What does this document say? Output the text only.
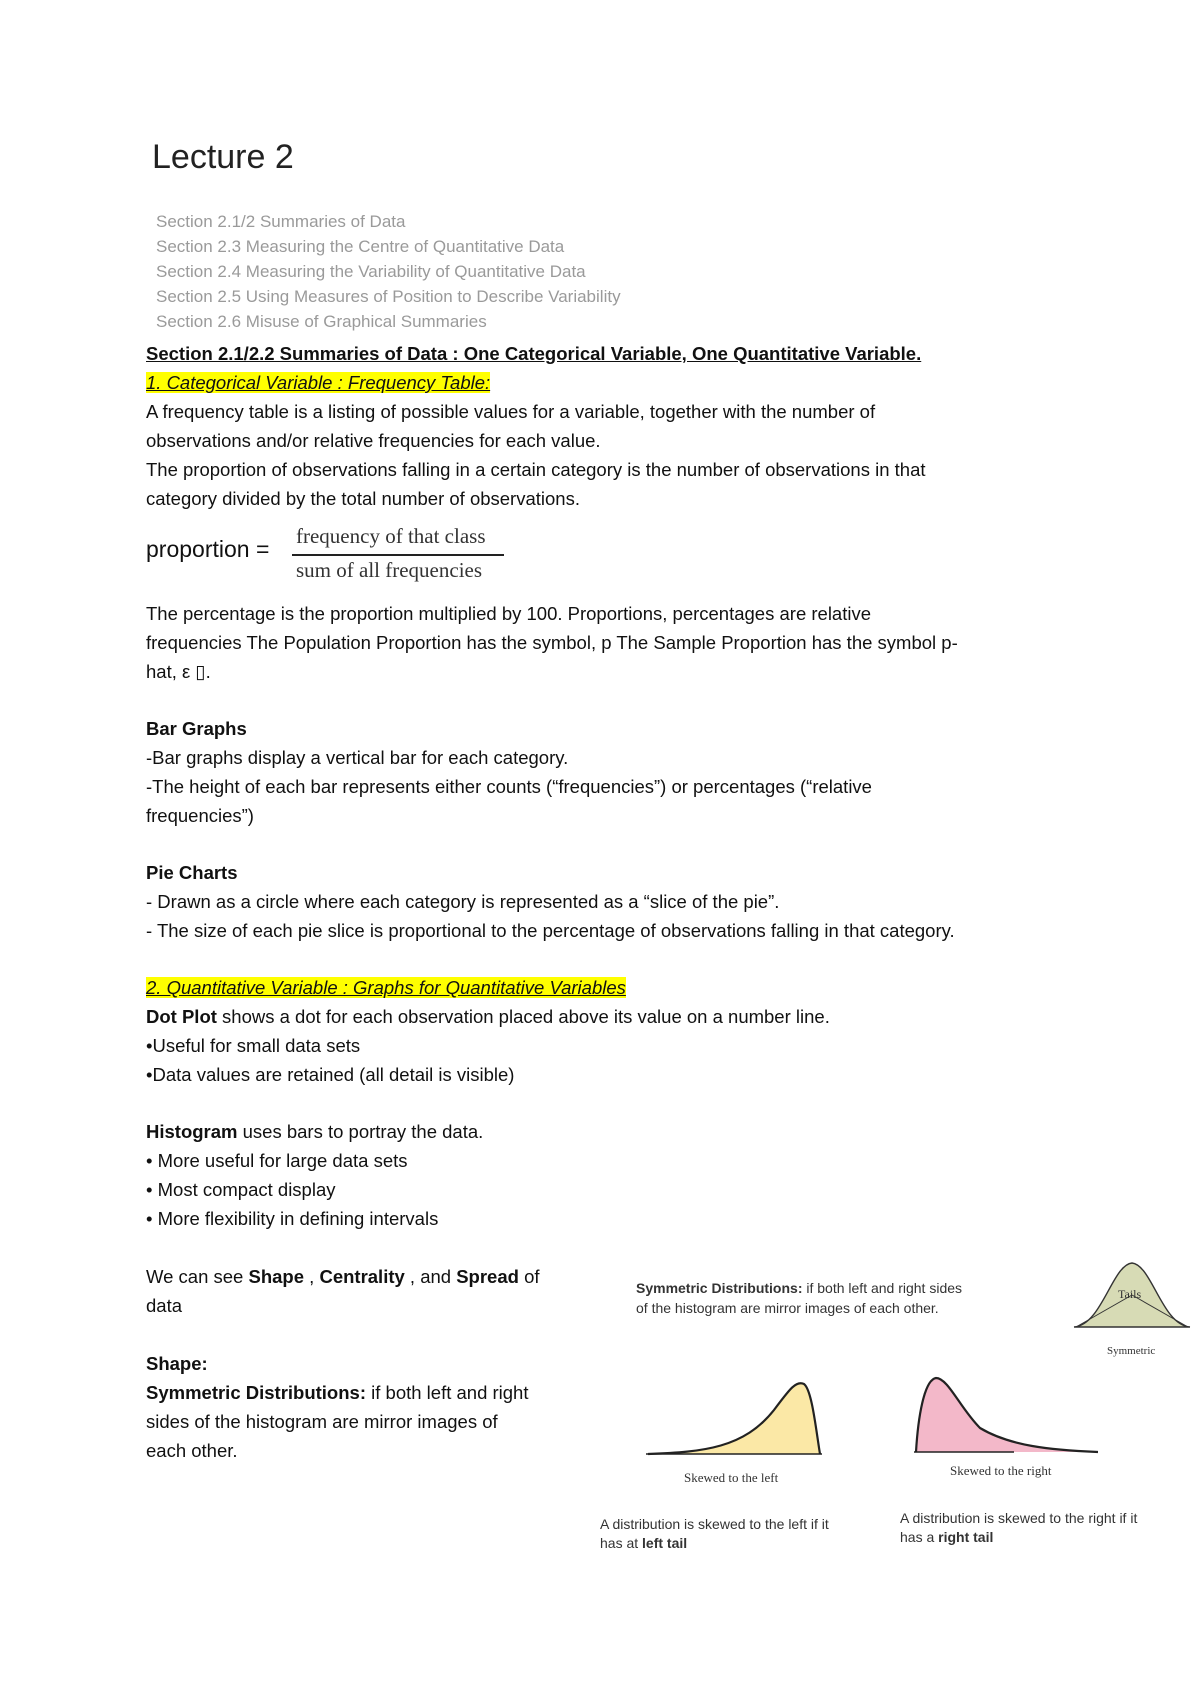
Lecture 2
Section 2.1/2 Summaries of Data
Section 2.3 Measuring the Centre of Quantitative Data
Section 2.4 Measuring the Variability of Quantitative Data
Section 2.5 Using Measures of Position to Describe Variability
Section 2.6 Misuse of Graphical Summaries
Section 2.1/2.2 Summaries of Data : One Categorical Variable, One Quantitative Variable.
1. Categorical Variable : Frequency Table:
A frequency table is a listing of possible values for a variable, together with the number of
observations and/or relative frequencies for each value.
The proportion of observations falling in a certain category is the number of observations in that
category divided by the total number of observations.
proportion = frequency of that class
sum of all frequencies
The percentage is the proportion multiplied by 100. Proportions, percentages are relative
frequencies The Population Proportion has the symbol, p The Sample Proportion has the symbol p-
hat, ε ▯.
Bar Graphs
-Bar graphs display a vertical bar for each category.
-The height of each bar represents either counts (“frequencies”) or percentages (“relative
frequencies”)
Pie Charts
- Drawn as a circle where each category is represented as a “slice of the pie”.
- The size of each pie slice is proportional to the percentage of observations falling in that category.
2. Quantitative Variable : Graphs for Quantitative Variables
Dot Plot shows a dot for each observation placed above its value on a number line.
•Useful for small data sets
•Data values are retained (all detail is visible)
Histogram uses bars to portray the data.
• More useful for large data sets
• Most compact display
• More flexibility in defining intervals
We can see Shape , Centrality , and Spread of
data
Shape:
Symmetric Distributions: if both left and right
sides of the histogram are mirror images of
each other.
Symmetric Distributions: if both left and right sides
of the histogram are mirror images of each other.
Tails
Symmetric
Skewed to the left	Skewed to the right
A distribution is skewed to the left if it
has at left tail
A distribution is skewed to the right if it
has a right tail
